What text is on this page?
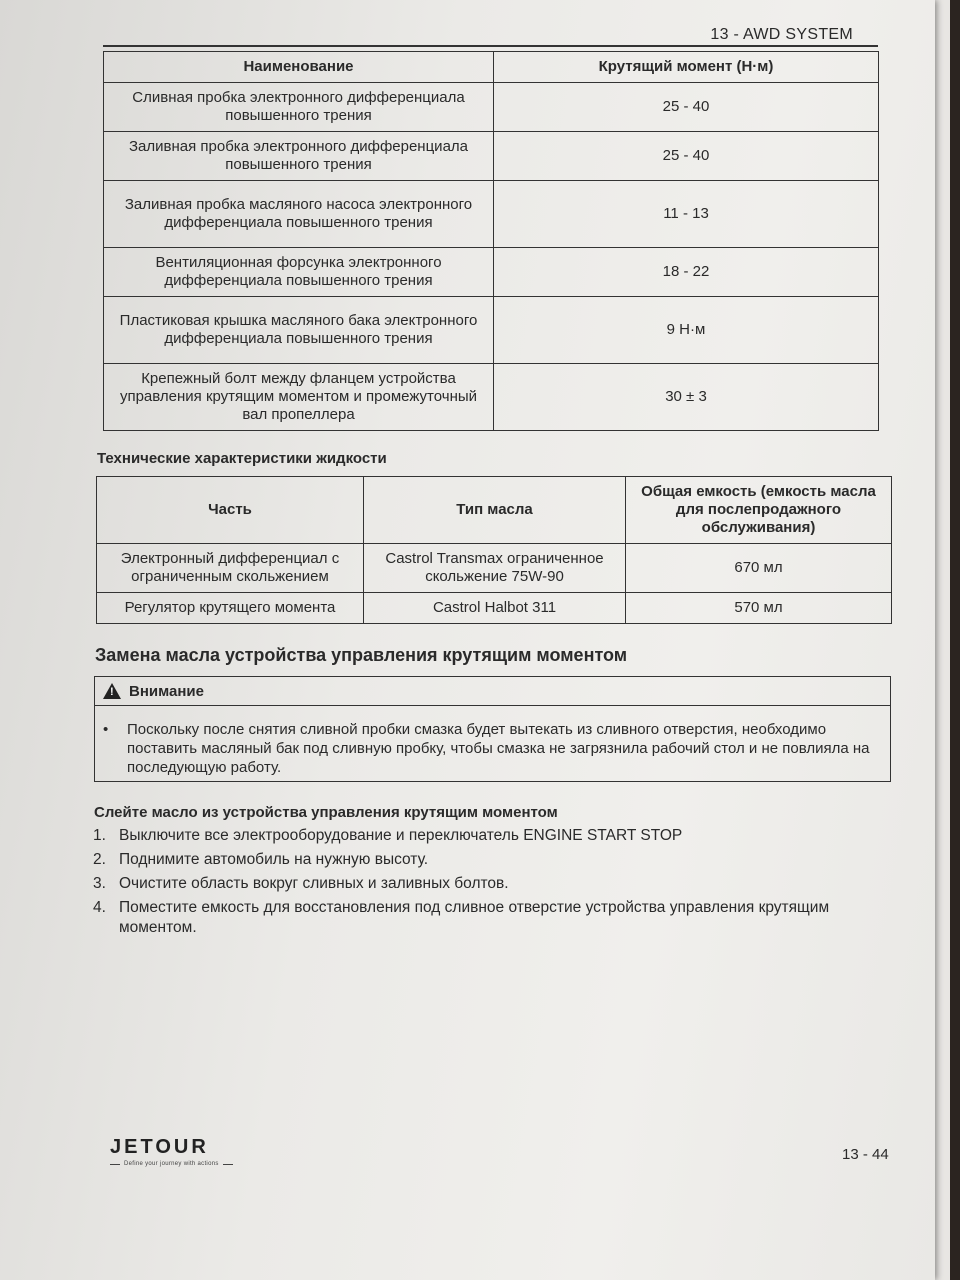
13 - AWD SYSTEM
Наименование	Крутящий момент (Н·м)
Сливная пробка электронного дифференциала повышенного трения	25 - 40
Заливная пробка электронного дифференциала повышенного трения	25 - 40
Заливная пробка масляного насоса электронного дифференциала повышенного трения	11 - 13
Вентиляционная форсунка электронного дифференциала повышенного трения	18 - 22
Пластиковая крышка масляного бака электронного дифференциала повышенного трения	9 Н·м
Крепежный болт между фланцем устройства управления крутящим моментом и промежуточный вал пропеллера	30 ± 3
Технические характеристики жидкости
Часть	Тип масла	Общая емкость (емкость масла для послепродажного обслуживания)
Электронный дифференциал с ограниченным скольжением	Castrol Transmax ограниченное скольжение 75W-90	670 мл
Регулятор крутящего момента	Castrol Halbot 311	570 мл
Замена масла устройства управления крутящим моментом
! Внимание
•	Поскольку после снятия сливной пробки смазка будет вытекать из сливного отверстия, необходимо поставить масляный бак под сливную пробку, чтобы смазка не загрязнила рабочий стол и не повлияла на последующую работу.
Слейте масло из устройства управления крутящим моментом
1. Выключите все электрооборудование и переключатель ENGINE START STOP
2. Поднимите автомобиль на нужную высоту.
3. Очистите область вокруг сливных и заливных болтов.
4. Поместите емкость для восстановления под сливное отверстие устройства управления крутящим моментом.
JETOUR
Define your journey with actions
13 - 44
